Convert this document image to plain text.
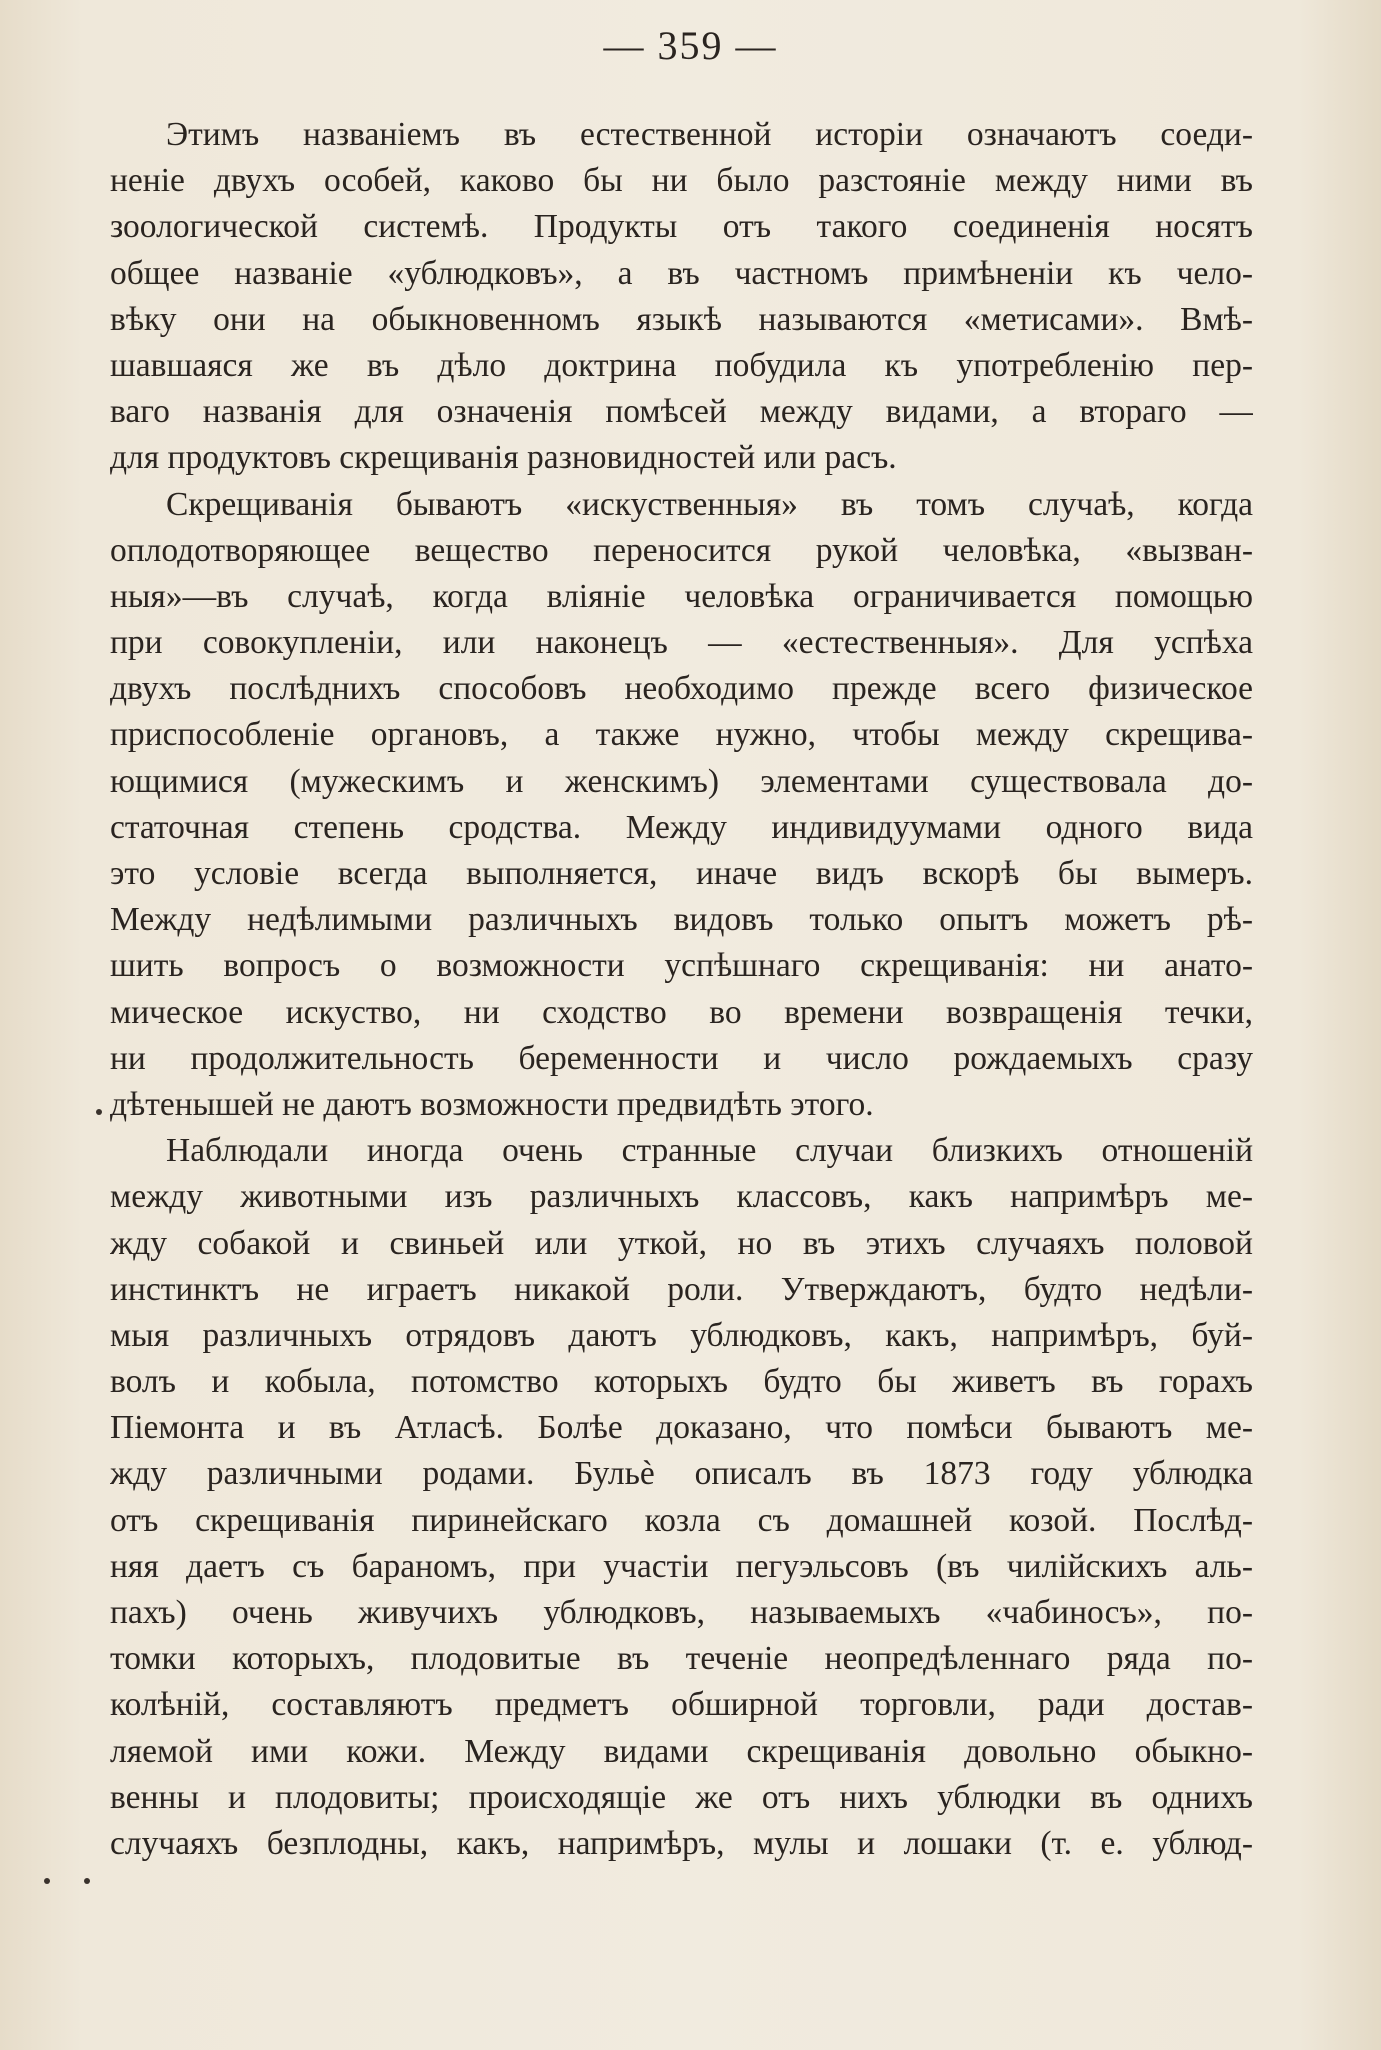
— 359 —
Этимъ названіемъ въ естественной исторіи означаютъ соеди-
неніе двухъ особей, каково бы ни было разстояніе между ними въ
зоологической системѣ. Продукты отъ такого соединенія носятъ
общее названіе «ублюдковъ», а въ частномъ примѣненіи къ чело-
вѣку они на обыкновенномъ языкѣ называются «метисами». Вмѣ-
шавшаяся же въ дѣло доктрина побудила къ употребленію пер-
ваго названія для означенія помѣсей между видами, а втораго —
для продуктовъ скрещиванія разновидностей или расъ.
Скрещиванія бываютъ «искуственныя» въ томъ случаѣ, когда
оплодотворяющее вещество переносится рукой человѣка, «вызван-
ныя»—въ случаѣ, когда вліяніе человѣка ограничивается помощью
при совокупленіи, или наконецъ — «естественныя». Для успѣха
двухъ послѣднихъ способовъ необходимо прежде всего физическое
приспособленіе органовъ, а также нужно, чтобы между скрещива-
ющимися (мужескимъ и женскимъ) элементами существовала до-
статочная степень сродства. Между индивидуумами одного вида
это условіе всегда выполняется, иначе видъ вскорѣ бы вымеръ.
Между недѣлимыми различныхъ видовъ только опытъ можетъ рѣ-
шить вопросъ о возможности успѣшнаго скрещиванія: ни анато-
мическое искуство, ни сходство во времени возвращенія течки,
ни продолжительность беременности и число рождаемыхъ сразу
дѣтенышей не даютъ возможности предвидѣть этого.
Наблюдали иногда очень странные случаи близкихъ отношеній
между животными изъ различныхъ классовъ, какъ напримѣръ ме-
жду собакой и свиньей или уткой, но въ этихъ случаяхъ половой
инстинктъ не играетъ никакой роли. Утверждаютъ, будто недѣли-
мыя различныхъ отрядовъ даютъ ублюдковъ, какъ, напримѣръ, буй-
волъ и кобыла, потомство которыхъ будто бы живетъ въ горахъ
Піемонта и въ Атласѣ. Болѣе доказано, что помѣси бываютъ ме-
жду различными родами. Бульè описалъ въ 1873 году ублюдка
отъ скрещиванія пиринейскаго козла съ домашней козой. Послѣд-
няя даетъ съ бараномъ, при участіи пегуэльсовъ (въ чилійскихъ аль-
пахъ) очень живучихъ ублюдковъ, называемыхъ «чабиносъ», по-
томки которыхъ, плодовитые въ теченіе неопредѣленнаго ряда по-
колѣній, составляютъ предметъ обширной торговли, ради достав-
ляемой ими кожи. Между видами скрещиванія довольно обыкно-
венны и плодовиты; происходящіе же отъ нихъ ублюдки въ однихъ
случаяхъ безплодны, какъ, напримѣръ, мулы и лошаки (т. е. ублюд-
